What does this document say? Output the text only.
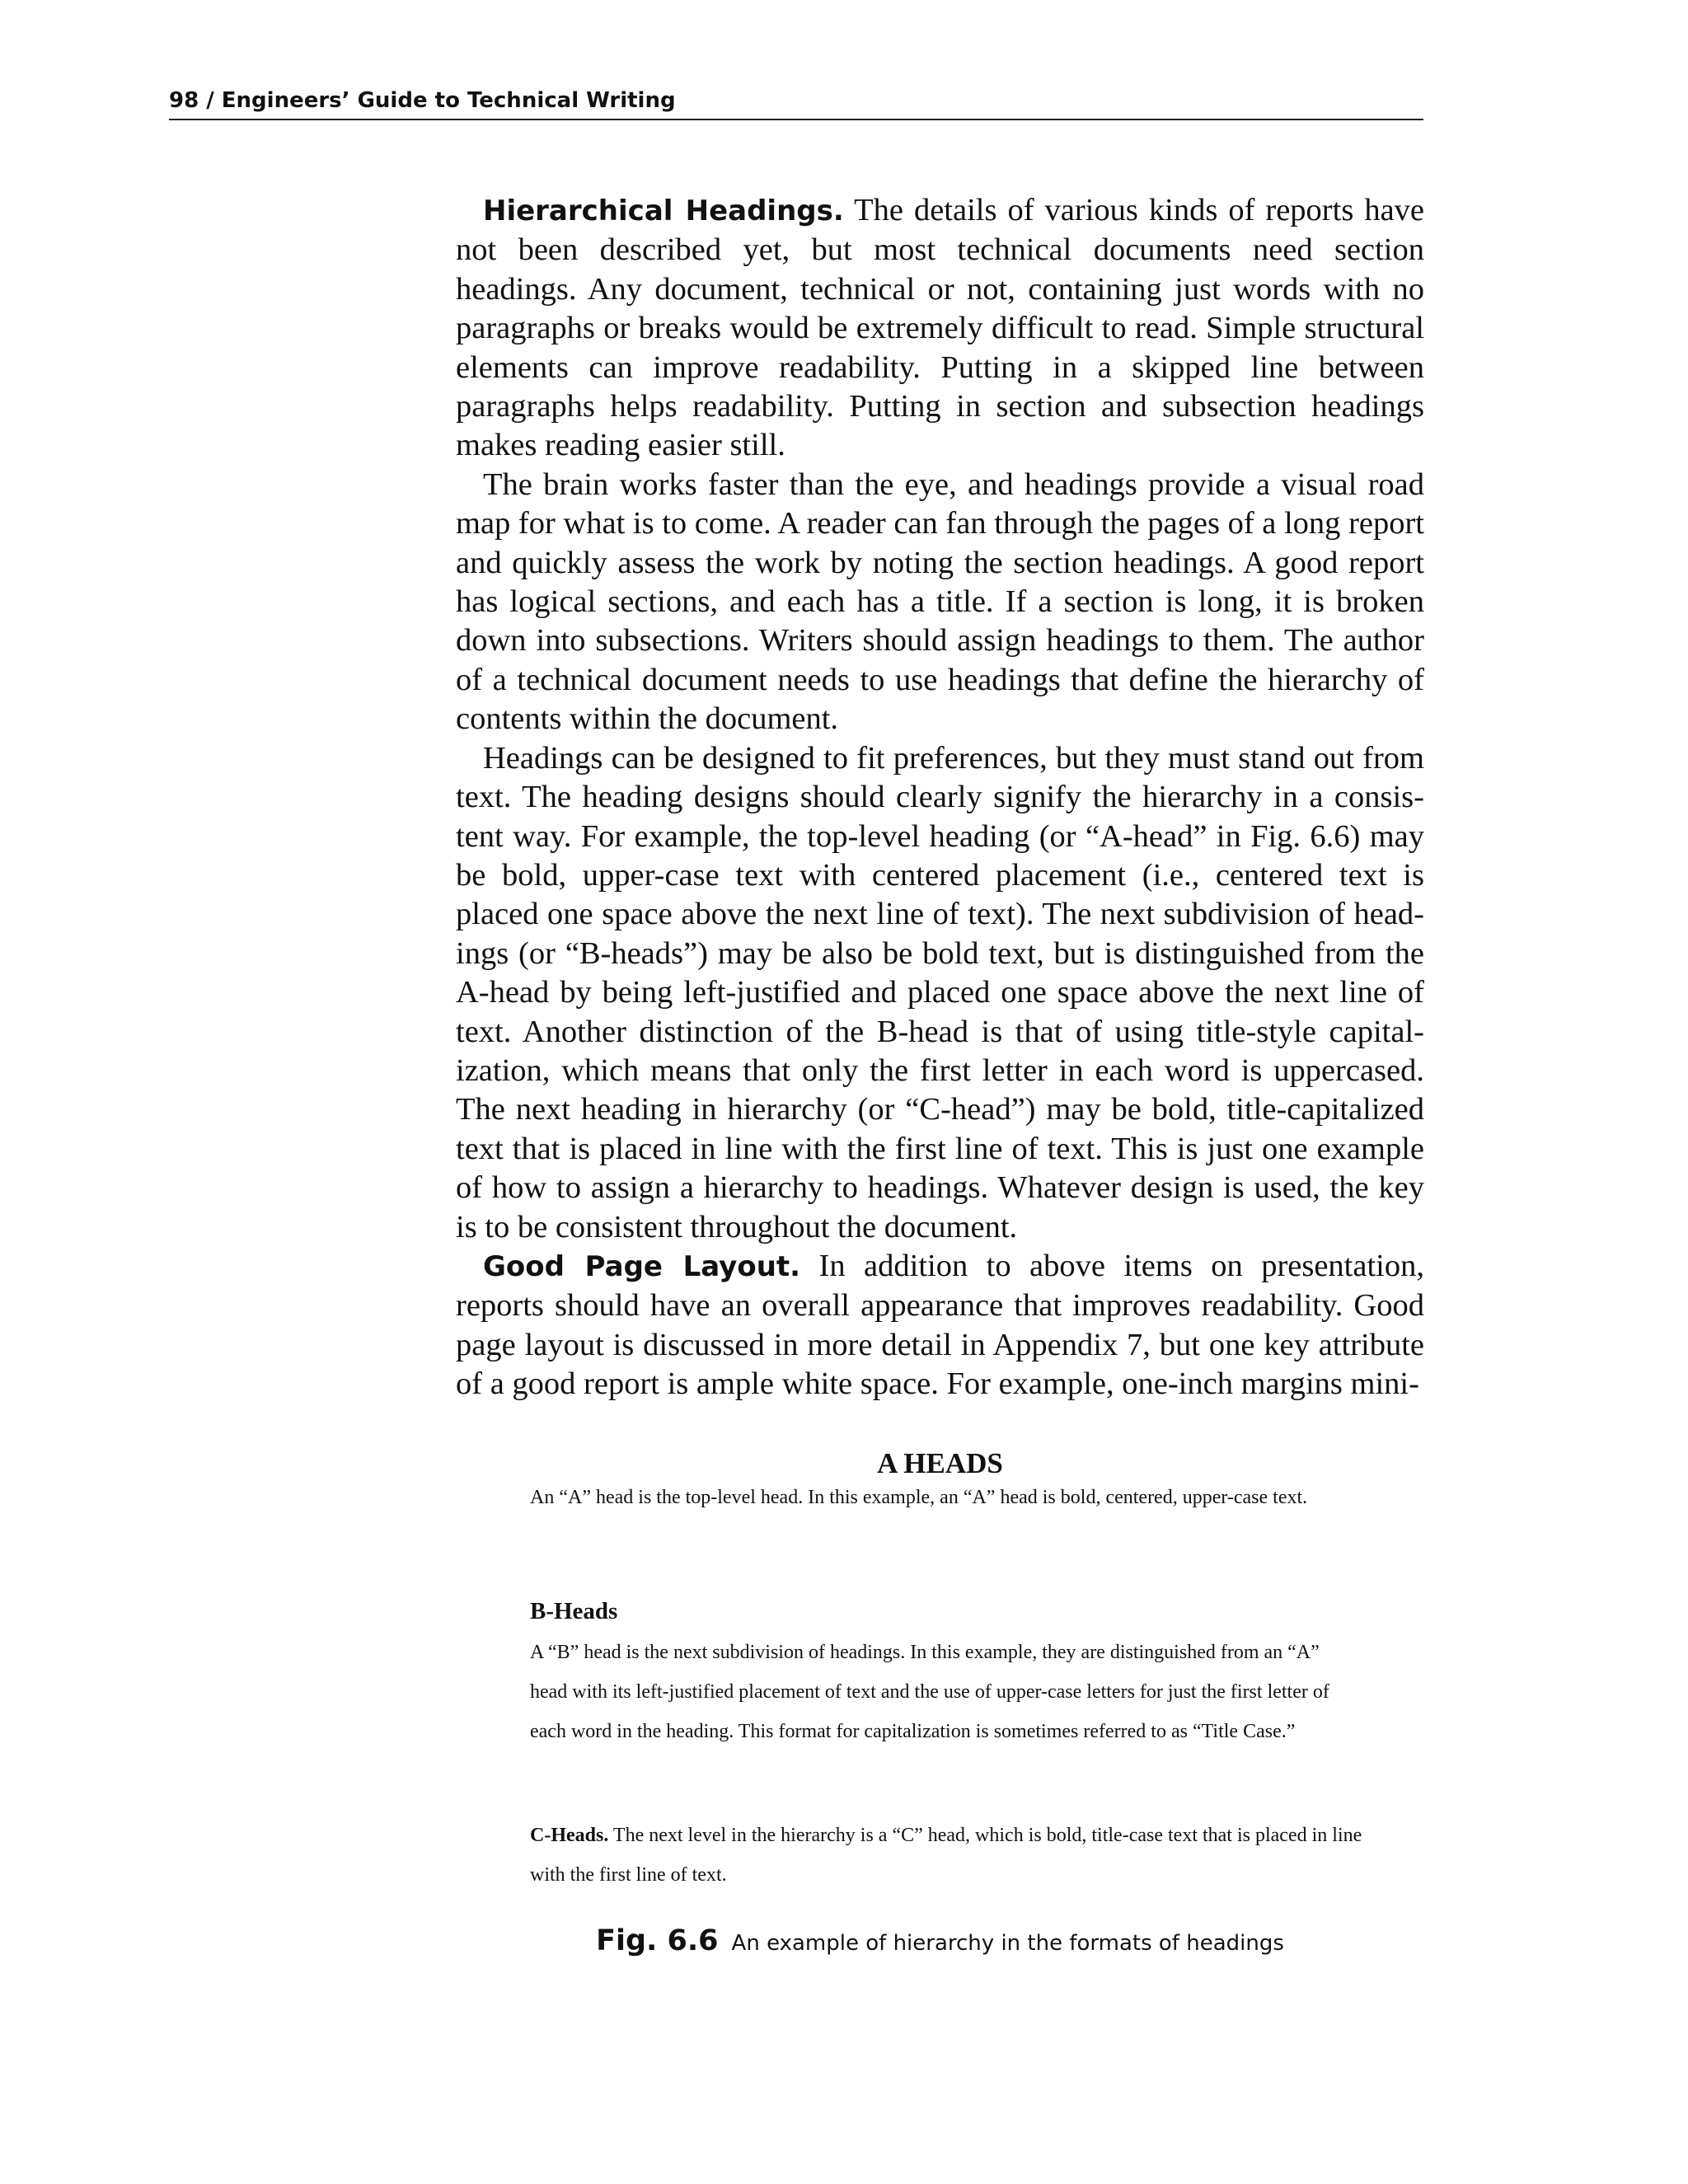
98 / Engineers’ Guide to Technical Writing

Hierarchical Headings. The details of various kinds of reports have not been described yet, but most technical documents need section headings. Any document, technical or not, containing just words with no paragraphs or breaks would be extremely difficult to read. Simple structural elements can improve readability. Putting in a skipped line between paragraphs helps readability. Putting in section and subsection headings makes reading easier still.

The brain works faster than the eye, and headings provide a visual road map for what is to come. A reader can fan through the pages of a long report and quickly assess the work by noting the section headings. A good report has logical sections, and each has a title. If a section is long, it is broken down into subsections. Writers should assign headings to them. The author of a technical document needs to use headings that define the hierarchy of contents within the document.

Headings can be designed to fit preferences, but they must stand out from text. The heading designs should clearly signify the hierarchy in a consistent way. For example, the top-level heading (or “A-head” in Fig. 6.6) may be bold, upper-case text with centered placement (i.e., centered text is placed one space above the next line of text). The next subdivision of headings (or “B-heads”) may be also be bold text, but is distinguished from the A-head by being left-justified and placed one space above the next line of text. Another distinction of the B-head is that of using title-style capitalization, which means that only the first letter in each word is uppercased. The next heading in hierarchy (or “C-head”) may be bold, title-capitalized text that is placed in line with the first line of text. This is just one example of how to assign a hierarchy to headings. Whatever design is used, the key is to be consistent throughout the document.

Good Page Layout. In addition to above items on presentation, reports should have an overall appearance that improves readability. Good page layout is discussed in more detail in Appendix 7, but one key attribute of a good report is ample white space. For example, one-inch margins mini-

A HEADS
An “A” head is the top-level head. In this example, an “A” head is bold, centered, upper-case text.
B-Heads
A “B” head is the next subdivision of headings. In this example, they are distinguished from an “A” head with its left-justified placement of text and the use of upper-case letters for just the first letter of each word in the heading. This format for capitalization is sometimes referred to as “Title Case.”
C-Heads. The next level in the hierarchy is a “C” head, which is bold, title-case text that is placed in line with the first line of text.
Fig. 6.6 An example of hierarchy in the formats of headings
